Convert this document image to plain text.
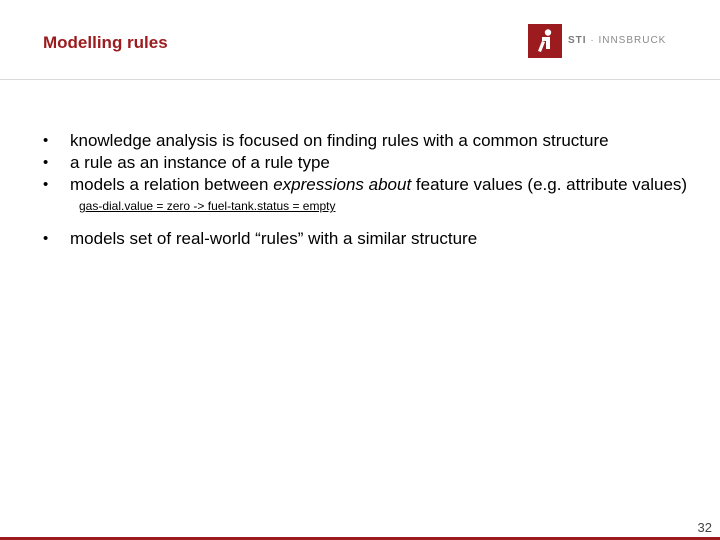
Modelling rules	STI · INNSBRUCK
• knowledge analysis is focused on finding rules with a common structure
• a rule as an instance of a rule type
• models a relation between expressions about feature values (e.g. attribute values)
gas-dial.value = zero -> fuel-tank.status = empty
• models set of real-world “rules” with a similar structure
32
